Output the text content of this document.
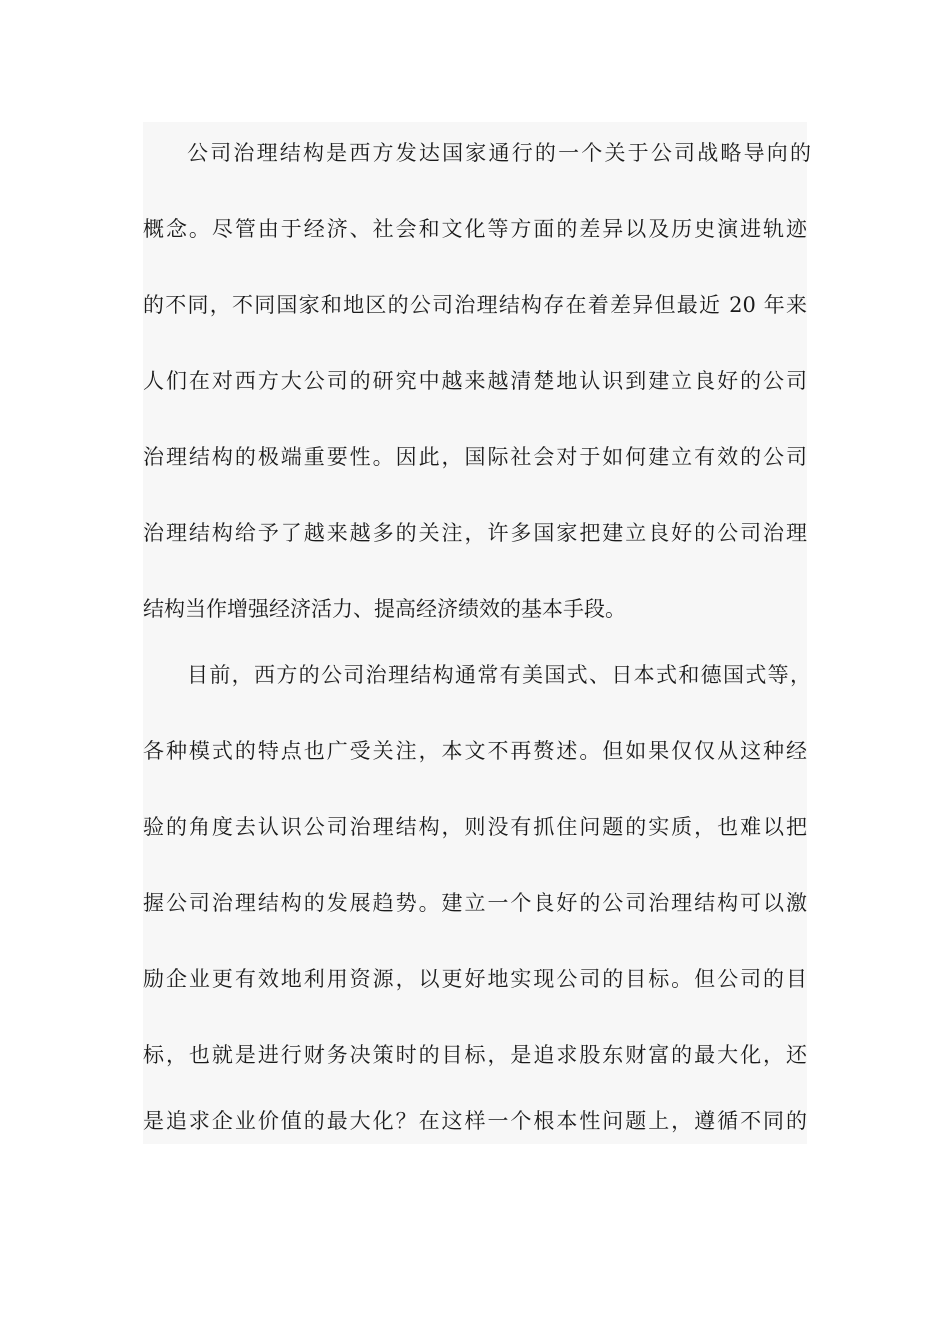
公司治理结构是西方发达国家通行的一个关于公司战略导向的
概念。尽管由于经济、社会和文化等方面的差异以及历史演进轨迹
的不同，不同国家和地区的公司治理结构存在着差异但最近 20 年来
人们在对西方大公司的研究中越来越清楚地认识到建立良好的公司
治理结构的极端重要性。因此，国际社会对于如何建立有效的公司
治理结构给予了越来越多的关注，许多国家把建立良好的公司治理
结构当作增强经济活力、提高经济绩效的基本手段。
目前，西方的公司治理结构通常有美国式、日本式和德国式等，
各种模式的特点也广受关注，本文不再赘述。但如果仅仅从这种经
验的角度去认识公司治理结构，则没有抓住问题的实质，也难以把
握公司治理结构的发展趋势。建立一个良好的公司治理结构可以激
励企业更有效地利用资源，以更好地实现公司的目标。但公司的目
标，也就是进行财务决策时的目标，是追求股东财富的最大化，还
是追求企业价值的最大化？在这样一个根本性问题上，遵循不同的
